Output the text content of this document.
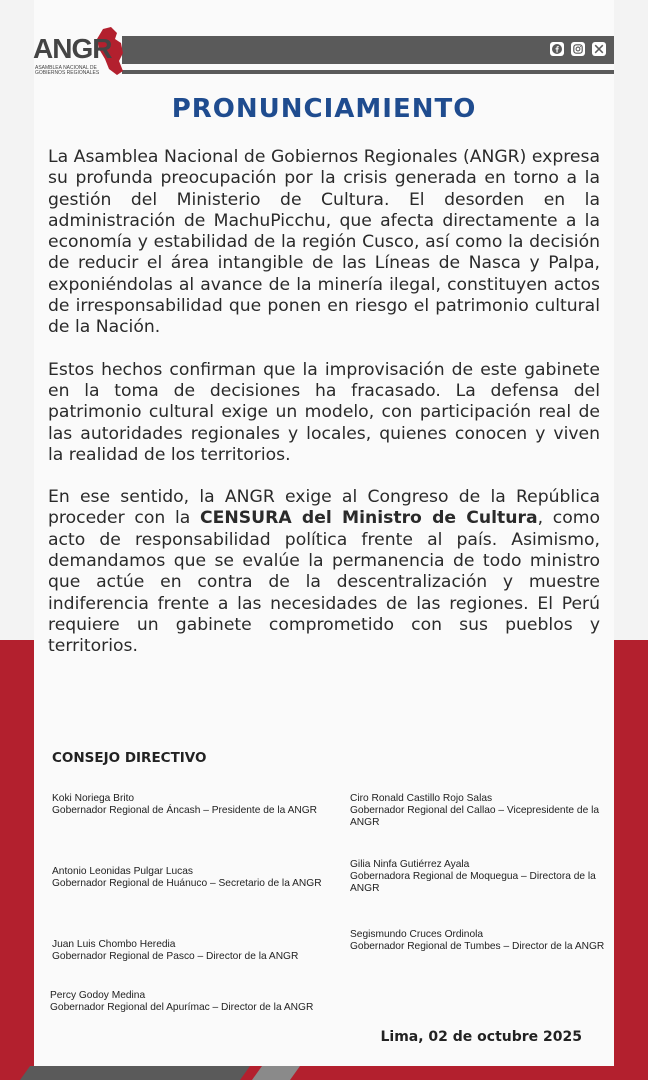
ANGR
ASAMBLEA NACIONAL DE GOBIERNOS REGIONALES
PRONUNCIAMIENTO

La Asamblea Nacional de Gobiernos Regionales (ANGR) expresa su profunda preocupación por la crisis generada en torno a la gestión del Ministerio de Cultura. El desorden en la administración de MachuPicchu, que afecta directamente a la economía y estabilidad de la región Cusco, así como la decisión de reducir el área intangible de las Líneas de Nasca y Palpa, exponiéndolas al avance de la minería ilegal, constituyen actos de irresponsabilidad que ponen en riesgo el patrimonio cultural de la Nación.

Estos hechos confirman que la improvisación de este gabinete en la toma de decisiones ha fracasado. La defensa del patrimonio cultural exige un modelo, con participación real de las autoridades regionales y locales, quienes conocen y viven la realidad de los territorios.

En ese sentido, la ANGR exige al Congreso de la República proceder con la CENSURA del Ministro de Cultura, como acto de responsabilidad política frente al país. Asimismo, demandamos que se evalúe la permanencia de todo ministro que actúe en contra de la descentralización y muestre indiferencia frente a las necesidades de las regiones. El Perú requiere un gabinete comprometido con sus pueblos y territorios.

CONSEJO DIRECTIVO
Koki Noriega Brito
Gobernador Regional de Áncash – Presidente de la ANGR
Ciro Ronald Castillo Rojo Salas
Gobernador Regional del Callao – Vicepresidente de la ANGR
Antonio Leonidas Pulgar Lucas
Gobernador Regional de Huánuco – Secretario de la ANGR
Gilia Ninfa Gutiérrez Ayala
Gobernadora Regional de Moquegua – Directora de la ANGR
Juan Luis Chombo Heredia
Gobernador Regional de Pasco – Director de la ANGR
Segismundo Cruces Ordinola
Gobernador Regional de Tumbes – Director de la ANGR
Percy Godoy Medina
Gobernador Regional del Apurímac – Director de la ANGR
Lima, 02 de octubre 2025
